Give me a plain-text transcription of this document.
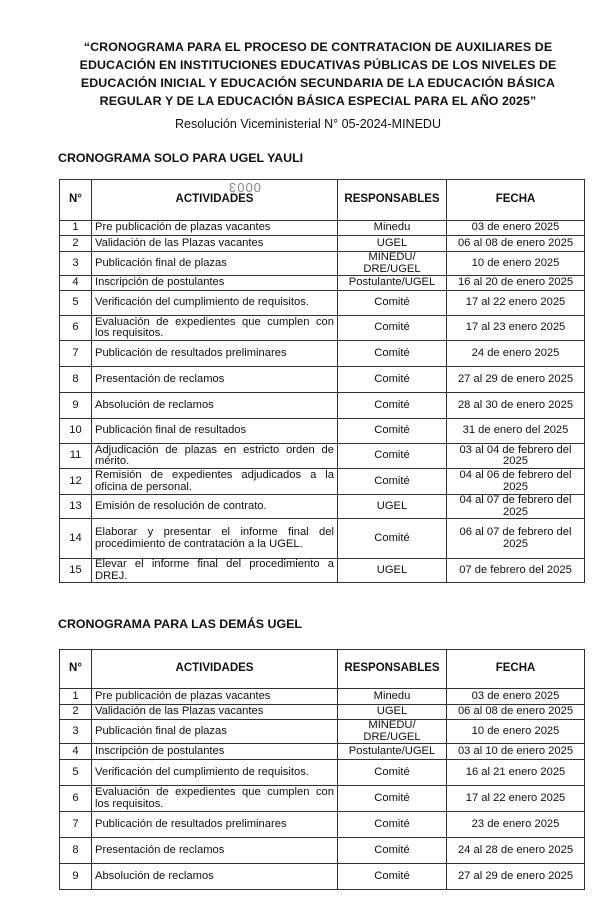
“CRONOGRAMA PARA EL PROCESO DE CONTRATACION DE AUXILIARES DE EDUCACIÓN EN INSTITUCIONES EDUCATIVAS PÚBLICAS DE LOS NIVELES DE EDUCACIÓN INICIAL Y EDUCACIÓN SECUNDARIA DE LA EDUCACIÓN BÁSICA REGULAR Y DE LA EDUCACIÓN BÁSICA ESPECIAL PARA EL AÑO 2025”
Resolución Viceministerial N° 05-2024-MINEDU
CRONOGRAMA SOLO PARA UGEL YAULI
0003
N°	ACTIVIDADES	RESPONSABLES	FECHA
1	Pre publicación de plazas vacantes	Minedu	03 de enero 2025
2	Validación de las Plazas vacantes	UGEL	06 al 08 de enero 2025
3	Publicación final de plazas	MINEDU/ DRE/UGEL	10 de enero 2025
4	Inscripción de postulantes	Postulante/UGEL	16 al 20 de enero 2025
5	Verificación del cumplimiento de requisitos.	Comité	17 al 22 enero 2025
6	Evaluación de expedientes que cumplen con los requisitos.	Comité	17 al 23 enero 2025
7	Publicación de resultados preliminares	Comité	24 de enero 2025
8	Presentación de reclamos	Comité	27 al 29 de enero 2025
9	Absolución de reclamos	Comité	28 al 30 de enero 2025
10	Publicación final de resultados	Comité	31 de enero del 2025
11	Adjudicación de plazas en estricto orden de mérito.	Comité	03 al 04 de febrero del 2025
12	Remisión de expedientes adjudicados a la oficina de personal.	Comité	04 al 06 de febrero del 2025
13	Emisión de resolución de contrato.	UGEL	04 al 07 de febrero del 2025
14	Elaborar y presentar el informe final del procedimiento de contratación a la UGEL.	Comité	06 al 07 de febrero del 2025
15	Elevar el informe final del procedimiento a DREJ.	UGEL	07 de febrero del 2025
CRONOGRAMA PARA LAS DEMÁS UGEL
N°	ACTIVIDADES	RESPONSABLES	FECHA
1	Pre publicación de plazas vacantes	Minedu	03 de enero 2025
2	Validación de las Plazas vacantes	UGEL	06 al 08 de enero 2025
3	Publicación final de plazas	MINEDU/ DRE/UGEL	10 de enero 2025
4	Inscripción de postulantes	Postulante/UGEL	03 al 10 de enero 2025
5	Verificación del cumplimiento de requisitos.	Comité	16 al 21 enero 2025
6	Evaluación de expedientes que cumplen con los requisitos.	Comité	17 al 22 enero 2025
7	Publicación de resultados preliminares	Comité	23 de enero 2025
8	Presentación de reclamos	Comité	24 al 28 de enero 2025
9	Absolución de reclamos	Comité	27 al 29 de enero 2025
